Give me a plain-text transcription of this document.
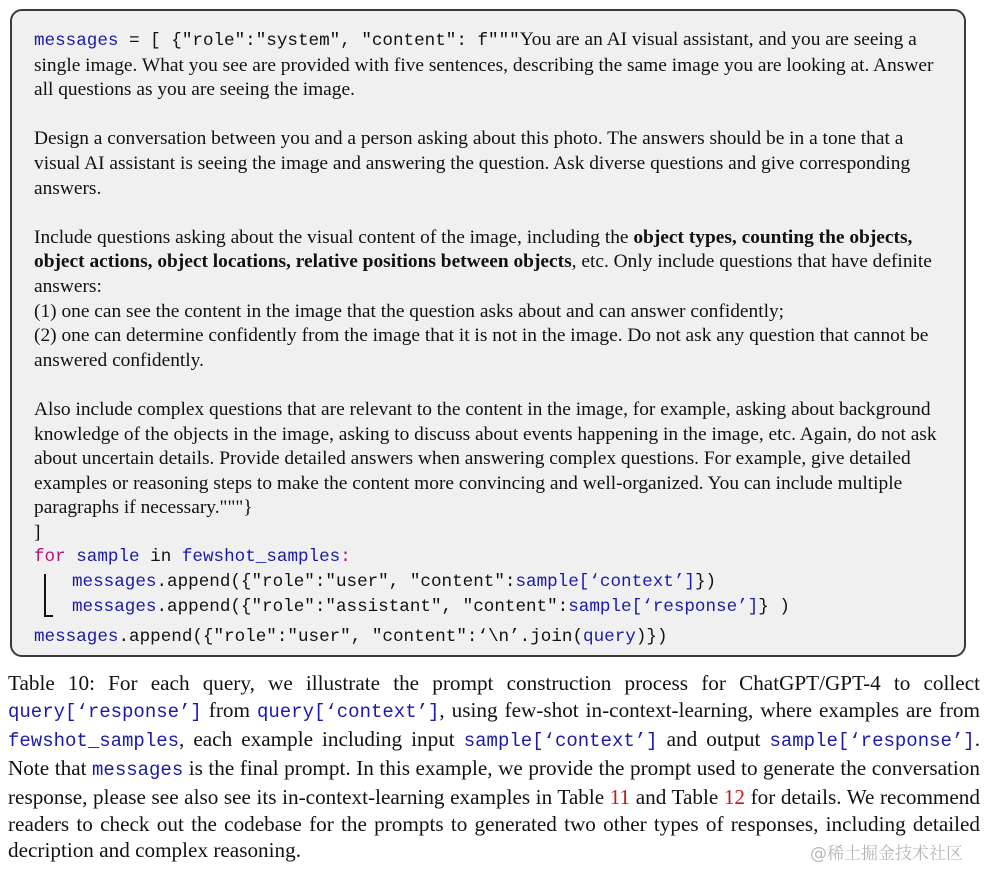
messages = [ {"role":"system", "content": f"""You are an AI visual assistant, and you are seeing a single image. What you see are provided with five sentences, describing the same image you are looking at. Answer all questions as you are seeing the image.

Design a conversation between you and a person asking about this photo. The answers should be in a tone that a visual AI assistant is seeing the image and answering the question. Ask diverse questions and give corresponding answers.

Include questions asking about the visual content of the image, including the object types, counting the objects, object actions, object locations, relative positions between objects, etc. Only include questions that have definite answers:

(1) one can see the content in the image that the question asks about and can answer confidently;

(2) one can determine confidently from the image that it is not in the image. Do not ask any question that cannot be answered confidently.

Also include complex questions that are relevant to the content in the image, for example, asking about background knowledge of the objects in the image, asking to discuss about events happening in the image, etc. Again, do not ask about uncertain details. Provide detailed answers when answering complex questions. For example, give detailed examples or reasoning steps to make the content more convincing and well-organized. You can include multiple paragraphs if necessary."""}

]

for sample in fewshot_samples:

messages.append({"role":"user", "content":sample[‘context’]})

messages.append({"role":"assistant", "content":sample[‘response’]} )

messages.append({"role":"user", "content":‘\n’.join(query)})

Table 10: For each query, we illustrate the prompt construction process for ChatGPT/GPT-4 to collect query[‘response’] from query[‘context’], using few-shot in-context-learning, where examples are from fewshot_samples, each example including input sample[‘context’] and output sample[‘response’]. Note that messages is the final prompt. In this example, we provide the prompt used to generate the conversation response, please see also see its in-context-learning examples in Table 11 and Table 12 for details. We recommend readers to check out the codebase for the prompts to generated two other types of responses, including detailed decription and complex reasoning.	@稀土掘金技术社区
